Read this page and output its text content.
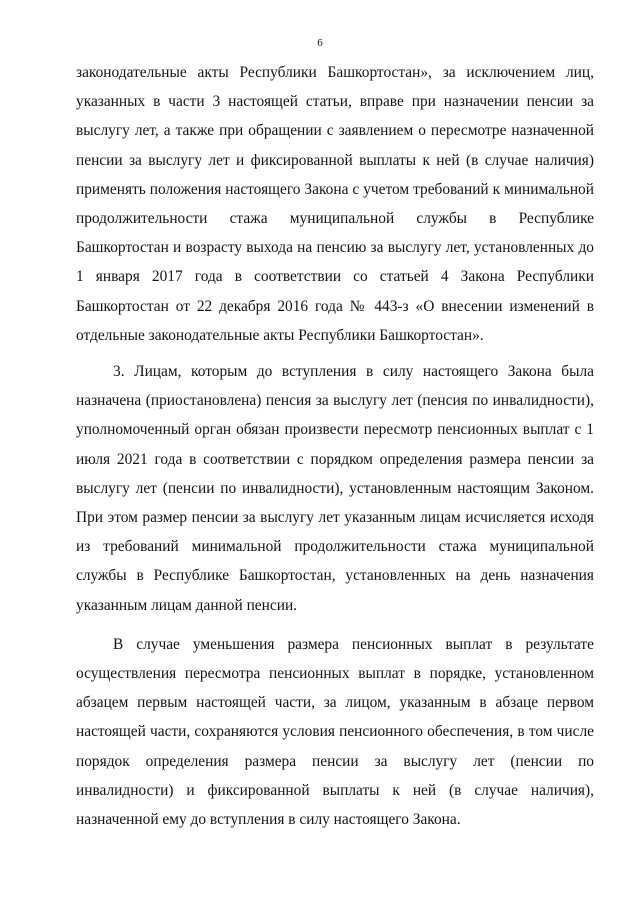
6

законодательные акты Республики Башкортостан», за исключением лиц, указанных в части 3 настоящей статьи, вправе при назначении пенсии за выслугу лет, а также при обращении с заявлением о пересмотре назначенной пенсии за выслугу лет и фиксированной выплаты к ней (в случае наличия) применять положения настоящего Закона с учетом требований к минимальной продолжительности стажа муниципальной службы в Республике Башкортостан и возрасту выхода на пенсию за выслугу лет, установленных до 1 января 2017 года в соответствии со статьей 4 Закона Республики Башкортостан от 22 декабря 2016 года № 443-з «О внесении изменений в отдельные законодательные акты Республики Башкортостан».

3. Лицам, которым до вступления в силу настоящего Закона была назначена (приостановлена) пенсия за выслугу лет (пенсия по инвалидности), уполномоченный орган обязан произвести пересмотр пенсионных выплат с 1 июля 2021 года в соответствии с порядком определения размера пенсии за выслугу лет (пенсии по инвалидности), установленным настоящим Законом. При этом размер пенсии за выслугу лет указанным лицам исчисляется исходя из требований минимальной продолжительности стажа муниципальной службы в Республике Башкортостан, установленных на день назначения указанным лицам данной пенсии.

В случае уменьшения размера пенсионных выплат в результате осуществления пересмотра пенсионных выплат в порядке, установленном абзацем первым настоящей части, за лицом, указанным в абзаце первом настоящей части, сохраняются условия пенсионного обеспечения, в том числе порядок определения размера пенсии за выслугу лет (пенсии по инвалидности) и фиксированной выплаты к ней (в случае наличия), назначенной ему до вступления в силу настоящего Закона.
